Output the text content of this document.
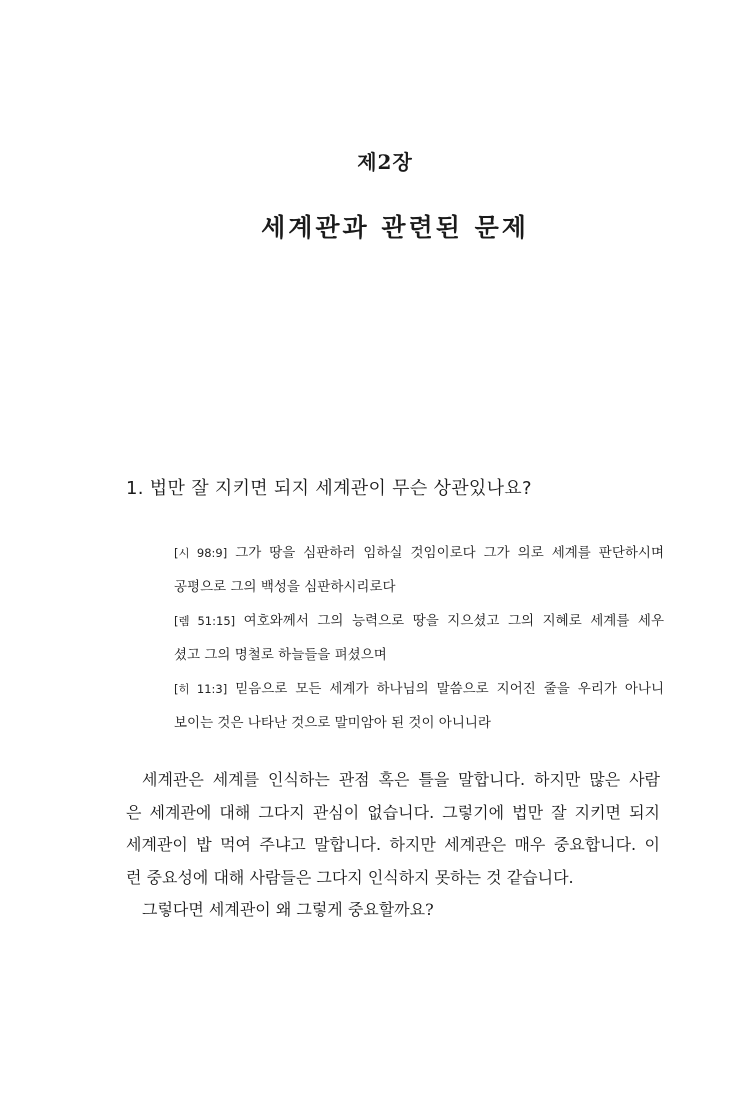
제2장
세계관과 관련된 문제
1. 법만 잘 지키면 되지 세계관이 무슨 상관있나요?
[시 98:9] 그가 땅을 심판하러 임하실 것임이로다 그가 의로 세계를 판단하시며
공평으로 그의 백성을 심판하시리로다
[렘 51:15] 여호와께서 그의 능력으로 땅을 지으셨고 그의 지혜로 세계를 세우
셨고 그의 명철로 하늘들을 펴셨으며
[히 11:3] 믿음으로 모든 세계가 하나님의 말씀으로 지어진 줄을 우리가 아나니
보이는 것은 나타난 것으로 말미암아 된 것이 아니니라
세계관은 세계를 인식하는 관점 혹은 틀을 말합니다. 하지만 많은 사람
은 세계관에 대해 그다지 관심이 없습니다. 그렇기에 법만 잘 지키면 되지
세계관이 밥 먹여 주냐고 말합니다. 하지만 세계관은 매우 중요합니다. 이
런 중요성에 대해 사람들은 그다지 인식하지 못하는 것 같습니다.
그렇다면 세계관이 왜 그렇게 중요할까요?
